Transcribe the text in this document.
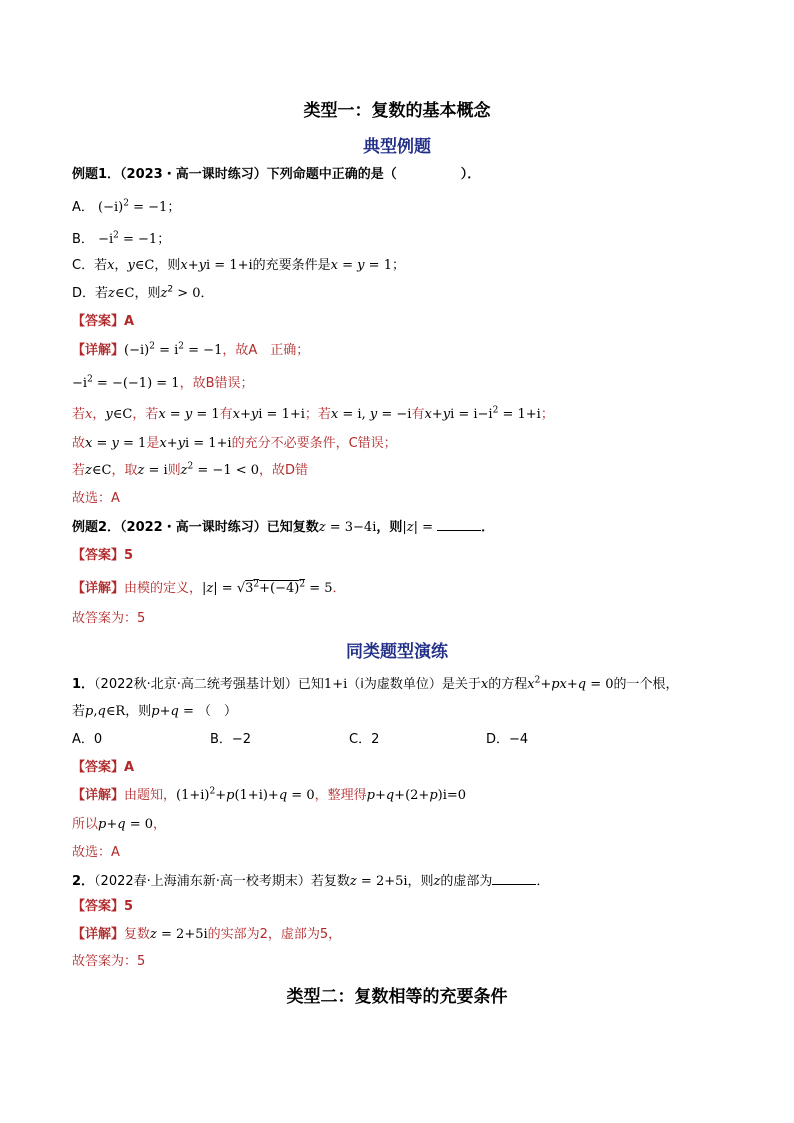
类型一：复数的基本概念
典型例题
例题1．（2023・高一课时练习）下列命题中正确的是（	）．
A． $(-i)^2 = -1$；
B． $-i^2 = -1$；
C．若x，y∈C，则x+yi = 1+i的充要条件是x = y = 1；
D．若z∈C，则$z^2 > 0$．
【答案】A
【详解】$(-i)^2 = i^2 = -1$，故A　正确；
$-i^2 = -(-1) = 1$，故B错误；
若x，y∈C，若x = y = 1有x+yi = 1+i；若x = i, y = −i有$x+yi = i-i^2 = 1+i$；
故x = y = 1是x+yi = 1+i的充分不必要条件，C错误；
若z∈C，取z = i则$z^2 = -1 < 0$，故D错
故选：A
例题2．（2022・高一课时练习）已知复数z = 3−4i，则|z| =	．
【答案】5
【详解】由模的定义，$|z| = √3^2+(-4)^2 = 5$．
故答案为：5
同类题型演练
1．（2022秋·北京·高二统考强基计划）已知1+i（i为虚数单位）是关于x的方程$x^2+px+q = 0$的一个根，
若p,q∈R，则p+q = （　）
A．0	B．−2	C．2	D．−4
【答案】A
【详解】由题知，$(1+i)^2+p(1+i)+q = 0$，整理得p+q+(2+p)i=0
所以p+q = 0，
故选：A
2．（2022春·上海浦东新·高一校考期末）若复数z = 2+5i，则z的虚部为	．
【答案】5
【详解】复数z = 2+5i的实部为2，虚部为5，
故答案为：5
类型二：复数相等的充要条件
